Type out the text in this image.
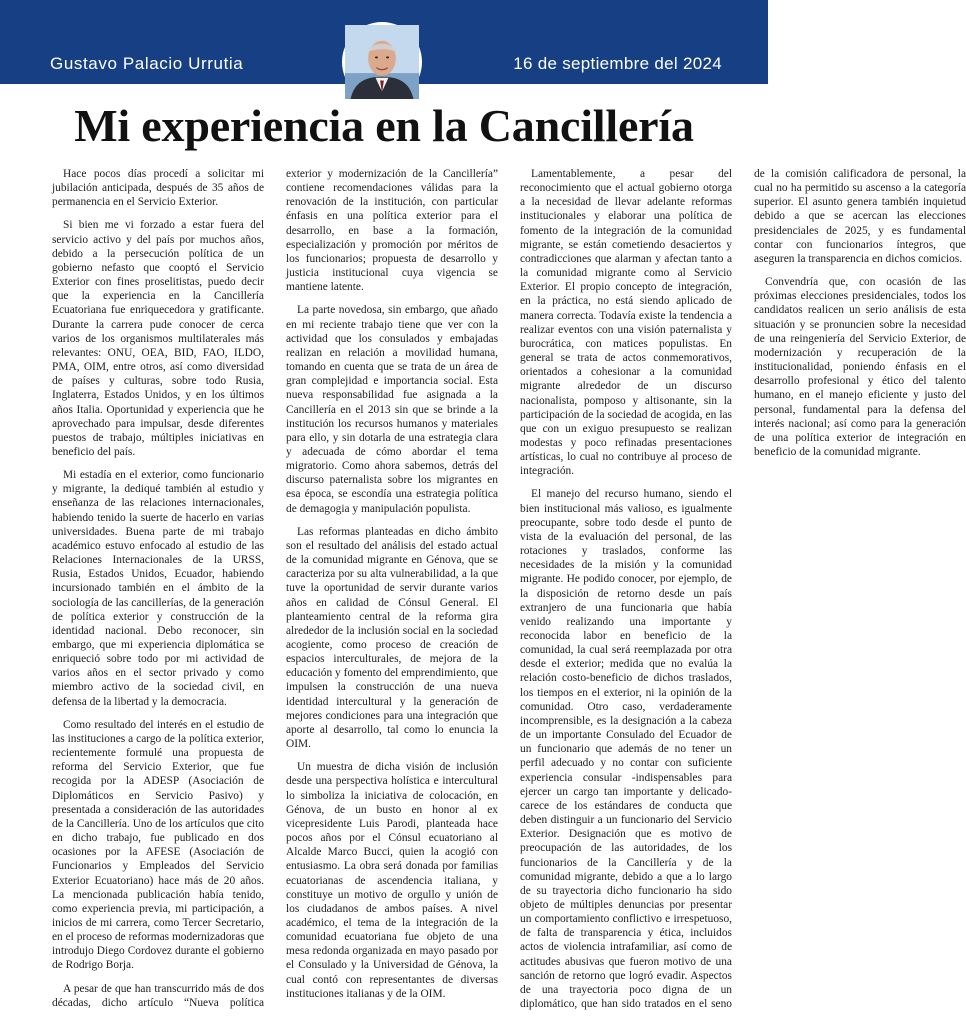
Gustavo Palacio Urrutia	16 de septiembre del 2024
Mi experiencia en la Cancillería

Hace pocos días procedí a solicitar mi jubilación anticipada, después de 35 años de permanencia en el Servicio Exterior.

Si bien me vi forzado a estar fuera del servicio activo y del país por muchos años, debido a la persecución política de un gobierno nefasto que cooptó el Servicio Exterior con fines proselitistas, puedo decir que la experiencia en la Cancillería Ecuatoriana fue enriquecedora y gratificante. Durante la carrera pude conocer de cerca varios de los organismos multilaterales más relevantes: ONU, OEA, BID, FAO, ILDO, PMA, OIM, entre otros, así como diversidad de países y culturas, sobre todo Rusia, Inglaterra, Estados Unidos, y en los últimos años Italia. Oportunidad y experiencia que he aprovechado para impulsar, desde diferentes puestos de trabajo, múltiples iniciativas en beneficio del país.

Mi estadía en el exterior, como funcionario y migrante, la dediqué también al estudio y enseñanza de las relaciones internacionales, habiendo tenido la suerte de hacerlo en varias universidades. Buena parte de mi trabajo académico estuvo enfocado al estudio de las Relaciones Internacionales de la URSS, Rusia, Estados Unidos, Ecuador, habiendo incursionado también en el ámbito de la sociología de las cancillerías, de la generación de política exterior y construcción de la identidad nacional. Debo reconocer, sin embargo, que mi experiencia diplomática se enriqueció sobre todo por mi actividad de varios años en el sector privado y como miembro activo de la sociedad civil, en defensa de la libertad y la democracia.

Como resultado del interés en el estudio de las instituciones a cargo de la política exterior, recientemente formulé una propuesta de reforma del Servicio Exterior, que fue recogida por la ADESP (Asociación de Diplomáticos en Servicio Pasivo) y presentada a consideración de las autoridades de la Cancillería. Uno de los artículos que cito en dicho trabajo, fue publicado en dos ocasiones por la AFESE (Asociación de Funcionarios y Empleados del Servicio Exterior Ecuatoriano) hace más de 20 años. La mencionada publicación había tenido, como experiencia previa, mi participación, a inicios de mi carrera, como Tercer Secretario, en el proceso de reformas modernizadoras que introdujo Diego Cordovez durante el gobierno de Rodrigo Borja.

A pesar de que han transcurrido más de dos décadas, dicho artículo “Nueva política exterior y modernización de la Cancillería” contiene recomendaciones válidas para la renovación de la institución, con particular énfasis en una política exterior para el desarrollo, en base a la formación, especialización y promoción por méritos de los funcionarios; propuesta de desarrollo y justicia institucional cuya vigencia se mantiene latente.

La parte novedosa, sin embargo, que añado en mi reciente trabajo tiene que ver con la actividad que los consulados y embajadas realizan en relación a movilidad humana, tomando en cuenta que se trata de un área de gran complejidad e importancia social. Esta nueva responsabilidad fue asignada a la Cancillería en el 2013 sin que se brinde a la institución los recursos humanos y materiales para ello, y sin dotarla de una estrategia clara y adecuada de cómo abordar el tema migratorio. Como ahora sabemos, detrás del discurso paternalista sobre los migrantes en esa época, se escondía una estrategia política de demagogia y manipulación populista.

Las reformas planteadas en dicho ámbito son el resultado del análisis del estado actual de la comunidad migrante en Génova, que se caracteriza por su alta vulnerabilidad, a la que tuve la oportunidad de servir durante varios años en calidad de Cónsul General. El planteamiento central de la reforma gira alrededor de la inclusión social en la sociedad acogiente, como proceso de creación de espacios interculturales, de mejora de la educación y fomento del emprendimiento, que impulsen la construcción de una nueva identidad intercultural y la generación de mejores condiciones para una integración que aporte al desarrollo, tal como lo enuncia la OIM.

Un muestra de dicha visión de inclusión desde una perspectiva holística e intercultural lo simboliza la iniciativa de colocación, en Génova, de un busto en honor al ex vicepresidente Luis Parodi, planteada hace pocos años por el Cónsul ecuatoriano al Alcalde Marco Bucci, quien la acogió con entusiasmo. La obra será donada por familias ecuatorianas de ascendencia italiana, y constituye un motivo de orgullo y unión de los ciudadanos de ambos países. A nivel académico, el tema de la integración de la comunidad ecuatoriana fue objeto de una mesa redonda organizada en mayo pasado por el Consulado y la Universidad de Génova, la cual contó con representantes de diversas instituciones italianas y de la OIM.

Lamentablemente, a pesar del reconocimiento que el actual gobierno otorga a la necesidad de llevar adelante reformas institucionales y elaborar una política de fomento de la integración de la comunidad migrante, se están cometiendo desaciertos y contradicciones que alarman y afectan tanto a la comunidad migrante como al Servicio Exterior. El propio concepto de integración, en la práctica, no está siendo aplicado de manera correcta. Todavía existe la tendencia a realizar eventos con una visión paternalista y burocrática, con matices populistas. En general se trata de actos conmemorativos, orientados a cohesionar a la comunidad migrante alrededor de un discurso nacionalista, pomposo y altisonante, sin la participación de la sociedad de acogida, en las que con un exiguo presupuesto se realizan modestas y poco refinadas presentaciones artísticas, lo cual no contribuye al proceso de integración.

El manejo del recurso humano, siendo el bien institucional más valioso, es igualmente preocupante, sobre todo desde el punto de vista de la evaluación del personal, de las rotaciones y traslados, conforme las necesidades de la misión y la comunidad migrante. He podido conocer, por ejemplo, de la disposición de retorno desde un país extranjero de una funcionaria que había venido realizando una importante y reconocida labor en beneficio de la comunidad, la cual será reemplazada por otra desde el exterior; medida que no evalúa la relación costo-beneficio de dichos traslados, los tiempos en el exterior, ni la opinión de la comunidad. Otro caso, verdaderamente incomprensible, es la designación a la cabeza de un importante Consulado del Ecuador de un funcionario que además de no tener un perfil adecuado y no contar con suficiente experiencia consular -indispensables para ejercer un cargo tan importante y delicado- carece de los estándares de conducta que deben distinguir a un funcionario del Servicio Exterior. Designación que es motivo de preocupación de las autoridades, de los funcionarios de la Cancillería y de la comunidad migrante, debido a que a lo largo de su trayectoria dicho funcionario ha sido objeto de múltiples denuncias por presentar un comportamiento conflictivo e irrespetuoso, de falta de transparencia y ética, incluidos actos de violencia intrafamiliar, así como de actitudes abusivas que fueron motivo de una sanción de retorno que logró evadir. Aspectos de una trayectoria poco digna de un diplomático, que han sido tratados en el seno de la comisión calificadora de personal, la cual no ha permitido su ascenso a la categoría superior. El asunto genera también inquietud debido a que se acercan las elecciones presidenciales de 2025, y es fundamental contar con funcionarios íntegros, que aseguren la transparencia en dichos comicios.

Convendría que, con ocasión de las próximas elecciones presidenciales, todos los candidatos realicen un serio análisis de esta situación y se pronuncien sobre la necesidad de una reingeniería del Servicio Exterior, de modernización y recuperación de la institucionalidad, poniendo énfasis en el desarrollo profesional y ético del talento humano, en el manejo eficiente y justo del personal, fundamental para la defensa del interés nacional; así como para la generación de una política exterior de integración en beneficio de la comunidad migrante.
